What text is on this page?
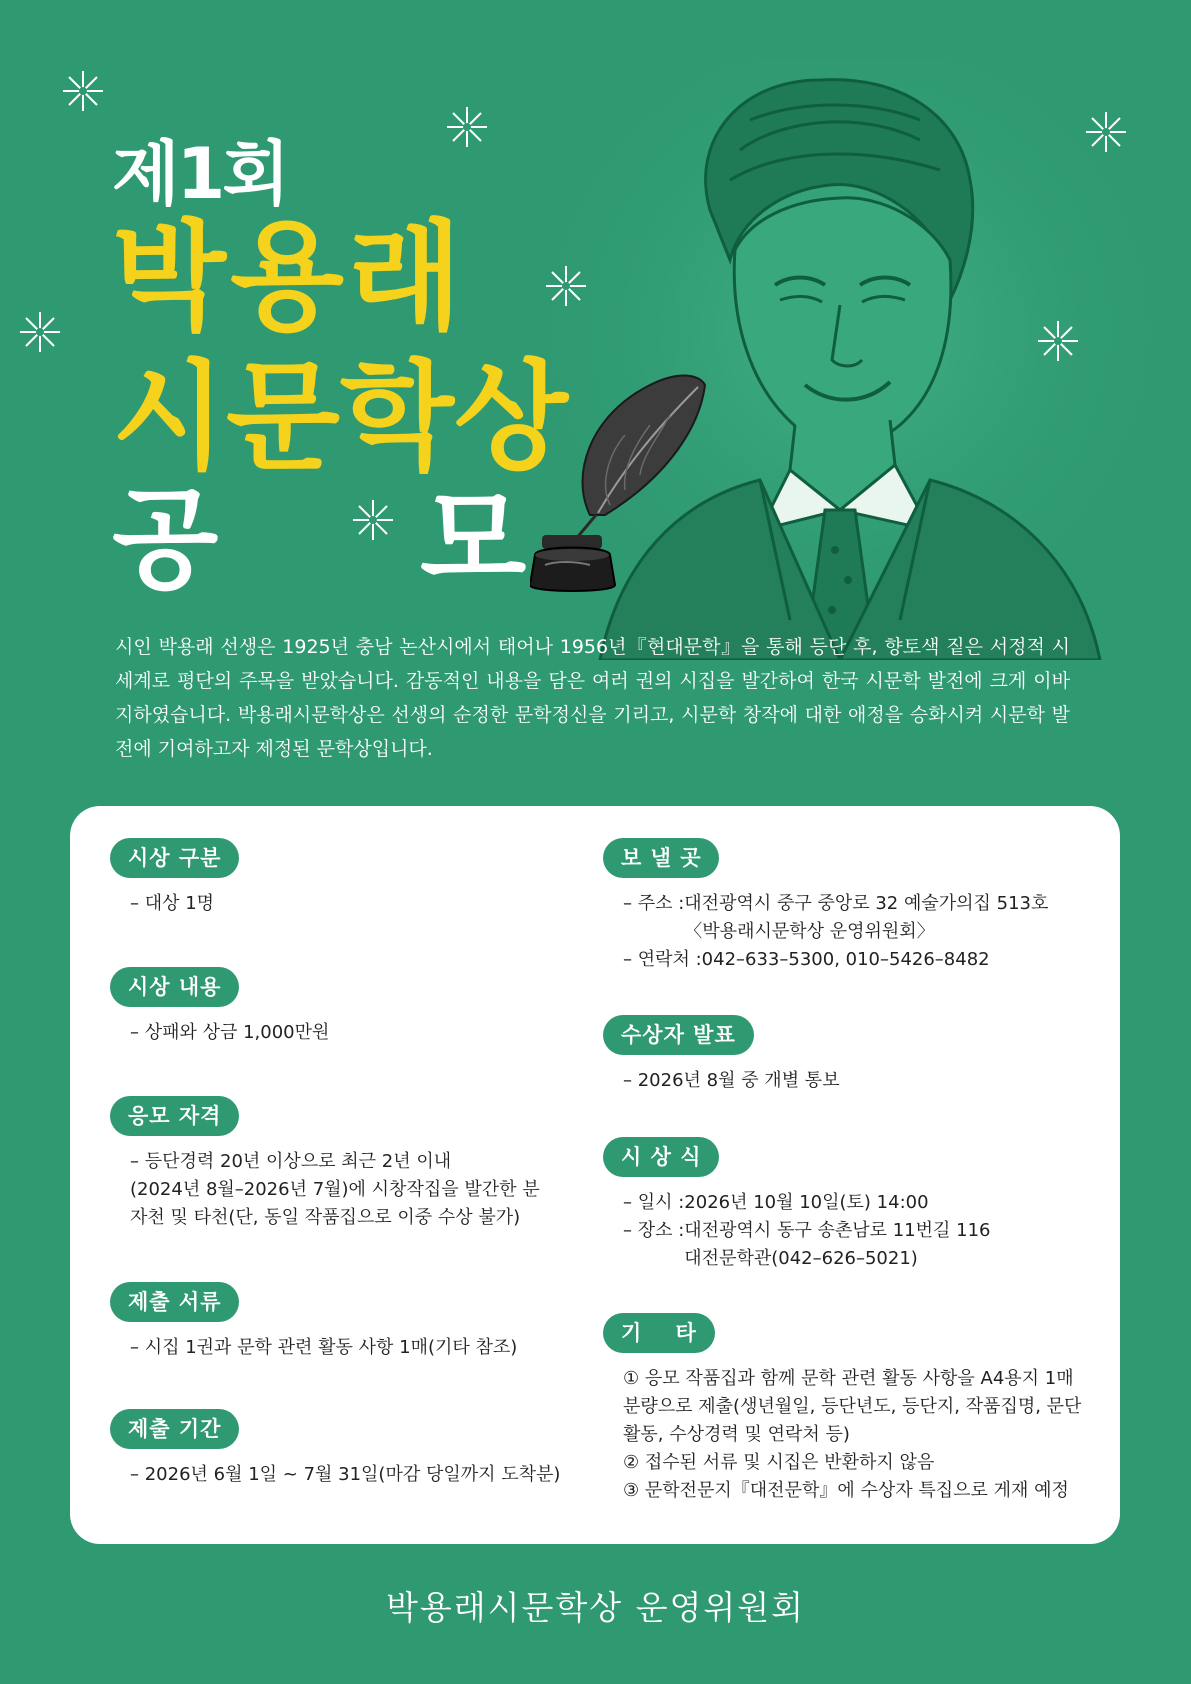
제1회
박용래
시문학상
공 모

시인 박용래 선생은 1925년 충남 논산시에서 태어나 1956년『현대문학』을 통해 등단 후, 향토색 짙은 서정적 시 세계로 평단의 주목을 받았습니다. 감동적인 내용을 담은 여러 권의 시집을 발간하여 한국 시문학 발전에 크게 이바지하였습니다. 박용래시문학상은 선생의 순정한 문학정신을 기리고, 시문학 창작에 대한 애정을 승화시켜 시문학 발전에 기여하고자 제정된 문학상입니다.

시상 구분
– 대상 1명
시상 내용
– 상패와 상금 1,000만원
응모 자격
– 등단경력 20년 이상으로 최근 2년 이내
(2024년 8월–2026년 7월)에 시창작집을 발간한 분
자천 및 타천(단, 동일 작품집으로 이중 수상 불가)
제출 서류
– 시집 1권과 문학 관련 활동 사항 1매(기타 참조)
제출 기간
– 2026년 6월 1일 ~ 7월 31일(마감 당일까지 도착분)
보 낼 곳
– 주소 : 대전광역시 중구 중앙로 32 예술가의집 513호
〈박용래시문학상 운영위원회〉
– 연락처 : 042–633–5300, 010–5426–8482
수상자 발표
– 2026년 8월 중 개별 통보
시 상 식
– 일시 : 2026년 10월 10일(토) 14:00
– 장소 : 대전광역시 동구 송촌남로 11번길 116
대전문학관(042–626–5021)
기    타
① 응모 작품집과 함께 문학 관련 활동 사항을 A4용지 1매
분량으로 제출(생년월일, 등단년도, 등단지, 작품집명, 문단
활동, 수상경력 및 연락처 등)
② 접수된 서류 및 시집은 반환하지 않음
③ 문학전문지『대전문학』에 수상자 특집으로 게재 예정

박용래시문학상 운영위원회
